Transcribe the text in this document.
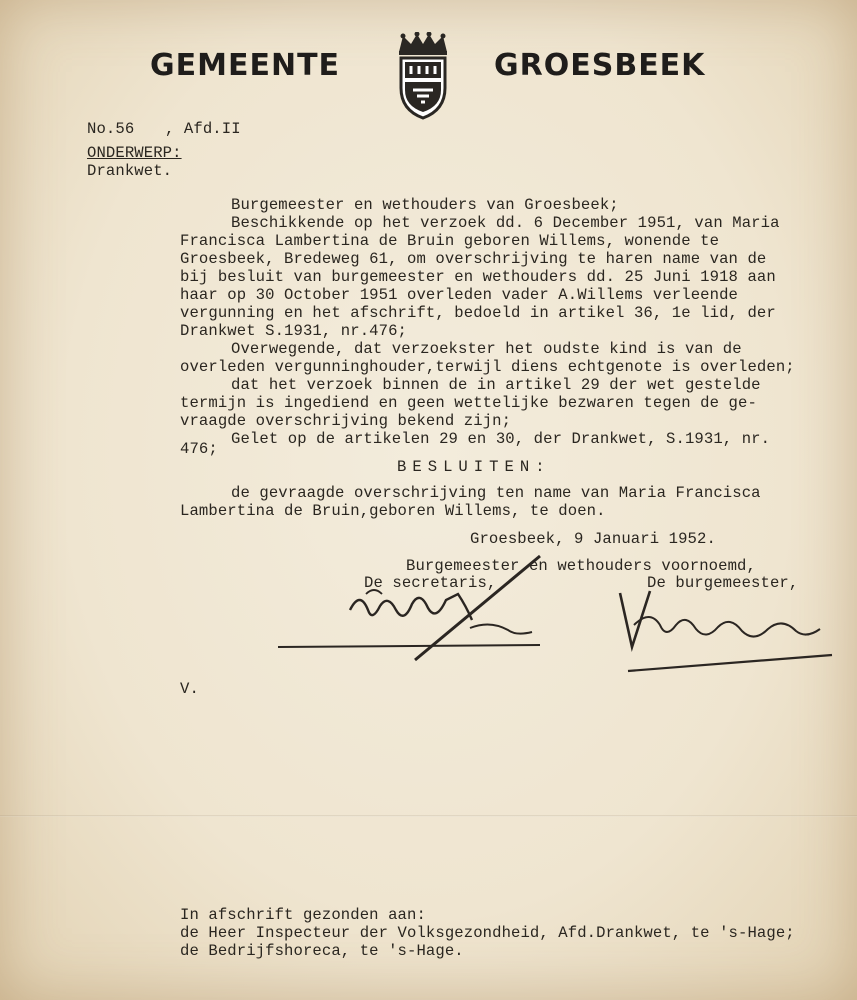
GEMEENTE	GROESBEEK
No.56 , Afd.II
ONDERWERP:
Drankwet.
Burgemeester en wethouders van Groesbeek;
Beschikkende op het verzoek dd. 6 December 1951, van Maria
Francisca Lambertina de Bruin geboren Willems, wonende te
Groesbeek, Bredeweg 61, om overschrijving te haren name van de
bij besluit van burgemeester en wethouders dd. 25 Juni 1918 aan
haar op 30 October 1951 overleden vader A.Willems verleende
vergunning en het afschrift, bedoeld in artikel 36, 1e lid, der
Drankwet S.1931, nr.476;
Overwegende, dat verzoekster het oudste kind is van de
overleden vergunninghouder,terwijl diens echtgenote is overleden;
dat het verzoek binnen de in artikel 29 der wet gestelde
termijn is ingediend en geen wettelijke bezwaren tegen de ge-
vraagde overschrijving bekend zijn;
Gelet op de artikelen 29 en 30, der Drankwet, S.1931, nr.
476;
BESLUITEN:
de gevraagde overschrijving ten name van Maria Francisca
Lambertina de Bruin,geboren Willems, te doen.
Groesbeek, 9 Januari 1952.
Burgemeester en wethouders voornoemd,
De secretaris,	De burgemeester,
V.
In afschrift gezonden aan:
de Heer Inspecteur der Volksgezondheid, Afd.Drankwet, te 's-Hage;
de Bedrijfshoreca, te 's-Hage.
